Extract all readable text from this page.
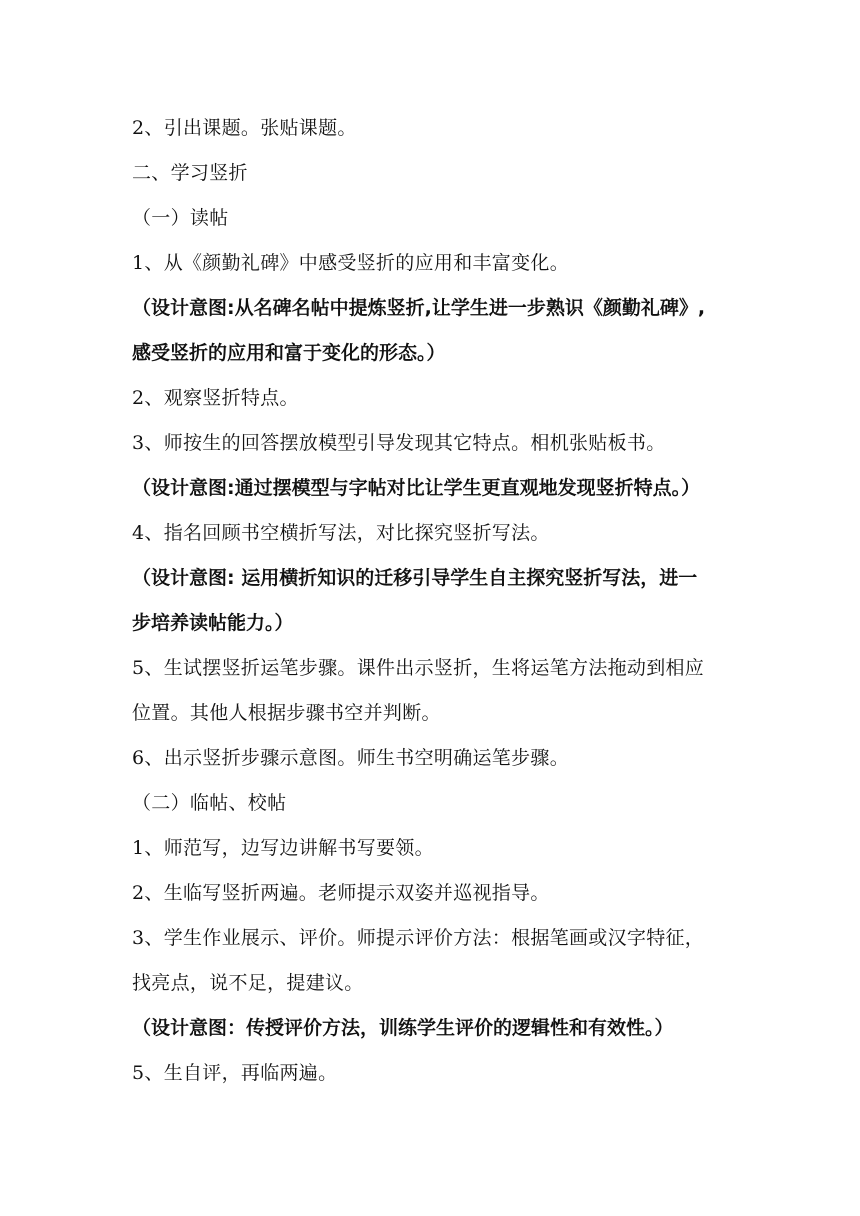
2、引出课题。张贴课题。
二、学习竖折
（一）读帖
1、从《颜勤礼碑》中感受竖折的应用和丰富变化。
（设计意图:从名碑名帖中提炼竖折,让学生进一步熟识《颜勤礼碑》,
感受竖折的应用和富于变化的形态。）
2、观察竖折特点。
3、师按生的回答摆放模型引导发现其它特点。相机张贴板书。
（设计意图:通过摆模型与字帖对比让学生更直观地发现竖折特点。）
4、指名回顾书空横折写法，对比探究竖折写法。
（设计意图: 运用横折知识的迁移引导学生自主探究竖折写法，进一
步培养读帖能力。）
5、生试摆竖折运笔步骤。课件出示竖折，生将运笔方法拖动到相应
位置。其他人根据步骤书空并判断。
6、出示竖折步骤示意图。师生书空明确运笔步骤。
（二）临帖、校帖
1、师范写，边写边讲解书写要领。
2、生临写竖折两遍。老师提示双姿并巡视指导。
3、学生作业展示、评价。师提示评价方法：根据笔画或汉字特征，
找亮点，说不足，提建议。
（设计意图：传授评价方法，训练学生评价的逻辑性和有效性。）
5、生自评，再临两遍。
